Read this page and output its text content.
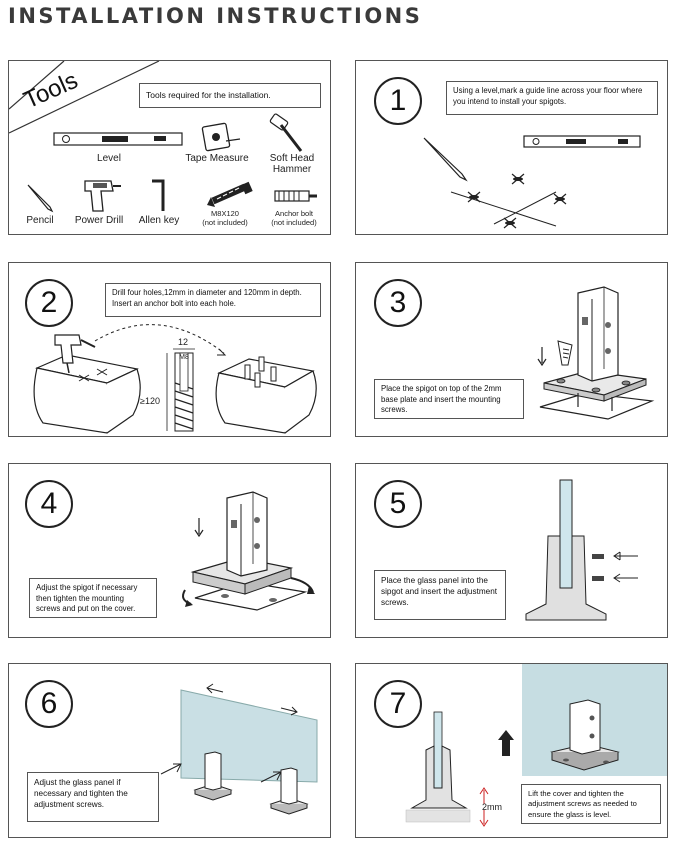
INSTALLATION INSTRUCTIONS
Tools	Tools required for the installation.
Level	Tape Measure	Soft Head
Hammer
Pencil	Power Drill	Allen key
M8X120
(not included)
Anchor bolt
(not included)
1	Using a level,mark a guide line across your floor where you intend to install your spigots.
2	Drill four holes,12mm in diameter and 120mm in depth. Insert an anchor bolt into each hole.
12
M8
≥120
3
Place the spigot on top of the 2mm base plate and insert the mounting screws.
4
Adjust the spigot if necessary then tighten the mounting screws and put on the cover.
5
Place the glass panel into the sipgot and insert the adjustment screws.
6
Adjust the glass panel if necessary and tighten the adjustment screws.
7
Lift the cover and tighten the adjustment screws as needed to ensure the glass is level.
2mm
